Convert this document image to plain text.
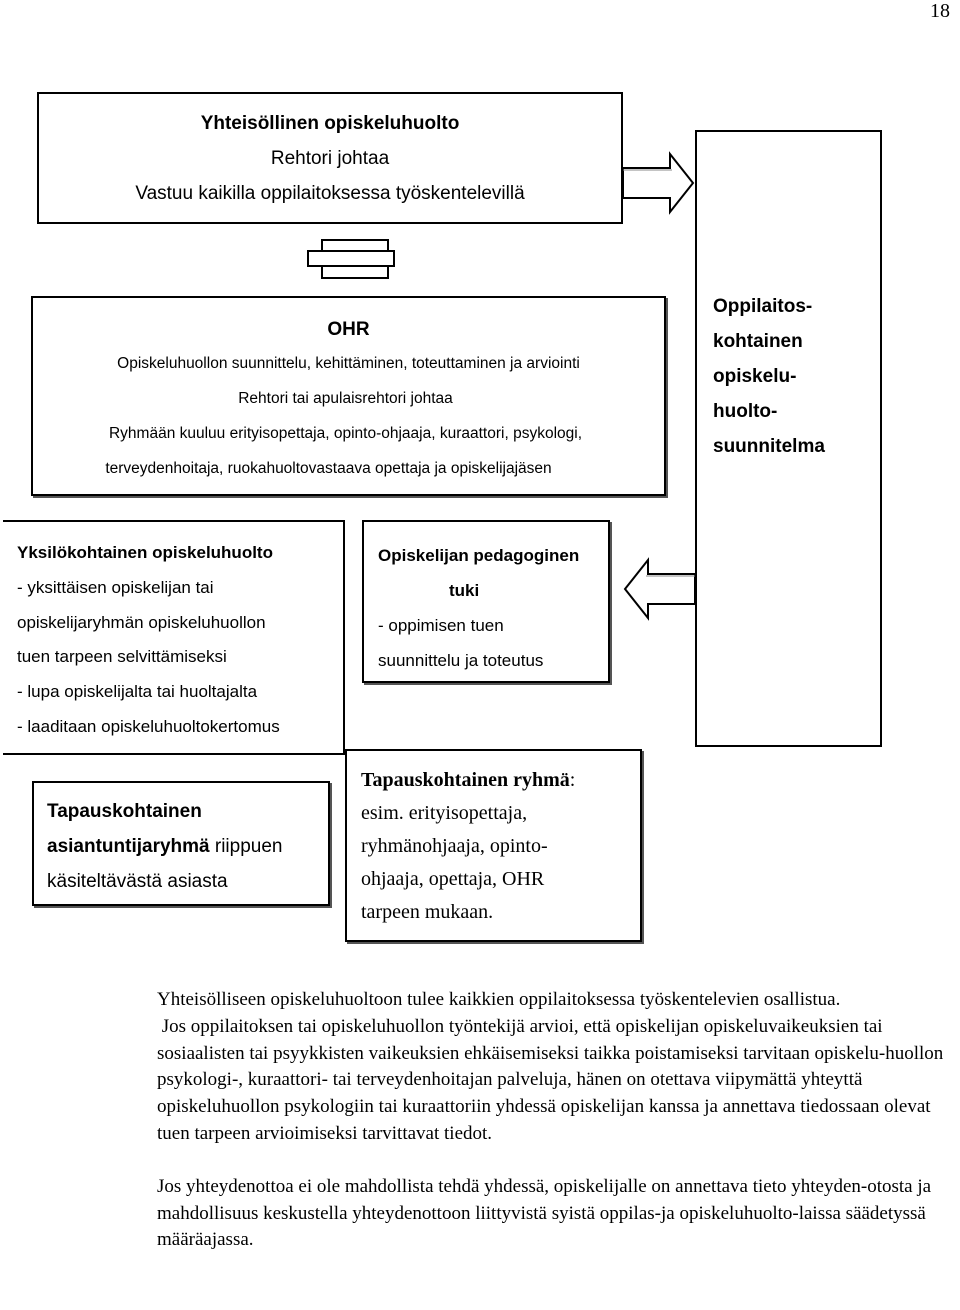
18
Yhteisöllinen opiskeluhuolto
Rehtori johtaa
Vastuu kaikilla oppilaitoksessa työskentelevillä
OHR
Opiskeluhuollon suunnittelu, kehittäminen, toteuttaminen ja arviointi
Rehtori tai apulaisrehtori johtaa
Ryhmään kuuluu erityisopettaja, opinto-ohjaaja, kuraattori, psykologi,
terveydenhoitaja, ruokahuoltovastaava opettaja ja opiskelijajäsen
Oppilaitos-
kohtainen
opiskelu-
huolto-
suunnitelma
Yksilökohtainen opiskeluhuolto
- yksittäisen opiskelijan tai
opiskelijaryhmän opiskeluhuollon
tuen tarpeen selvittämiseksi
- lupa opiskelijalta tai huoltajalta
- laaditaan opiskeluhuoltokertomus
Opiskelijan pedagoginen
tuki
- oppimisen tuen
suunnittelu ja toteutus
Tapauskohtainen
asiantuntijaryhmä riippuen
käsiteltävästä asiasta
Tapauskohtainen ryhmä:
esim. erityisopettaja,
ryhmänohjaaja, opinto-
ohjaaja, opettaja, OHR
tarpeen mukaan.

Yhteisölliseen opiskeluhuoltoon tulee kaikkien oppilaitoksessa työskentelevien osallistua.

Jos oppilaitoksen tai opiskeluhuollon työntekijä arvioi, että opiskelijan opiskeluvaikeuksien tai sosiaalisten tai psyykkisten vaikeuksien ehkäisemiseksi taikka poistamiseksi tarvitaan opiskelu-huollon psykologi-, kuraattori- tai terveydenhoitajan palveluja, hänen on otettava viipymättä yhteyttä opiskeluhuollon psykologiin tai kuraattoriin yhdessä opiskelijan kanssa ja annettava tiedossaan olevat tuen tarpeen arvioimiseksi tarvittavat tiedot.

Jos yhteydenottoa ei ole mahdollista tehdä yhdessä, opiskelijalle on annettava tieto yhteyden-otosta ja mahdollisuus keskustella yhteydenottoon liittyvistä syistä oppilas-ja opiskeluhuolto-laissa säädetyssä määräajassa.
